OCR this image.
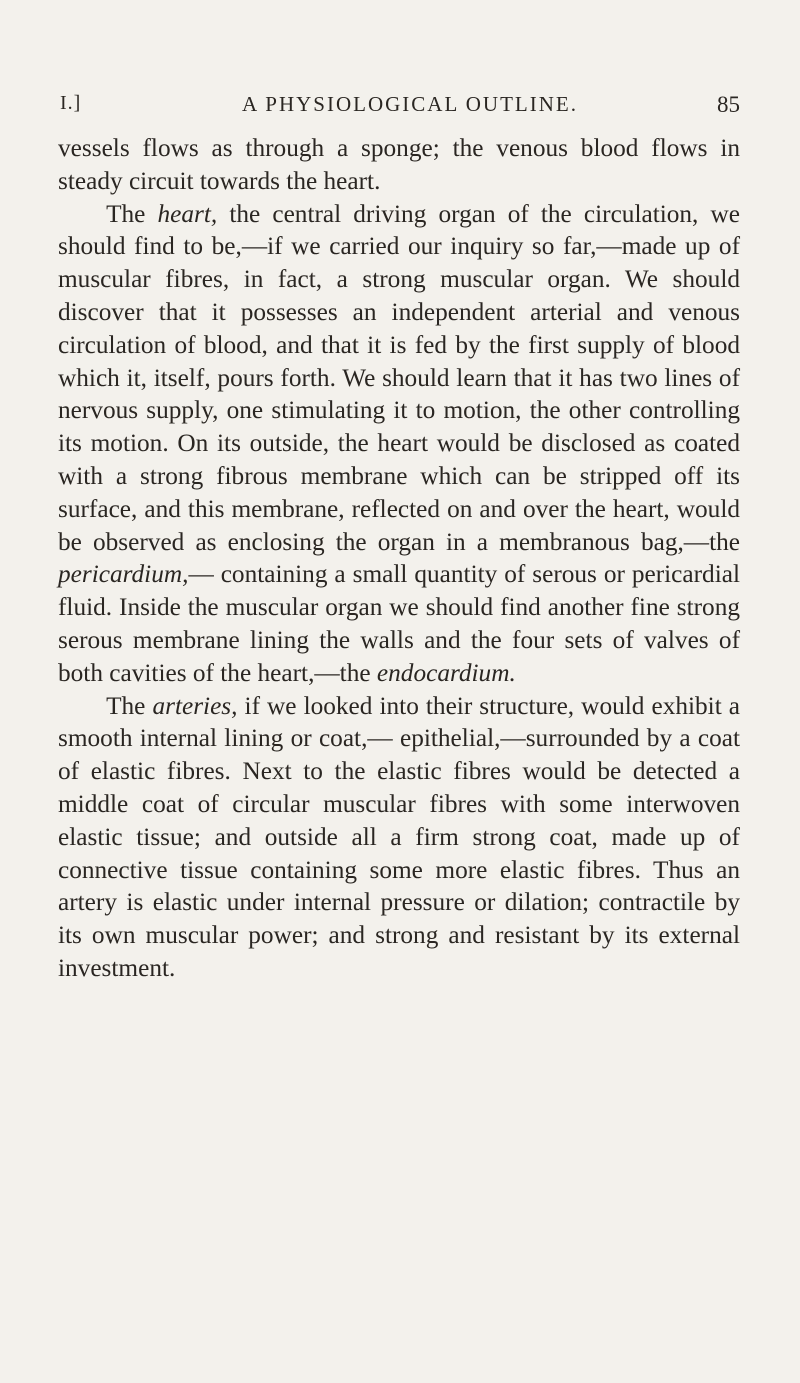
I.]	A PHYSIOLOGICAL OUTLINE.	85

vessels flows as through a sponge; the venous blood flows in steady circuit towards the heart.

The heart, the central driving organ of the circulation, we should find to be,—if we carried our inquiry so far,—made up of muscular fibres, in fact, a strong muscular organ. We should discover that it possesses an independent arterial and venous circulation of blood, and that it is fed by the first supply of blood which it, itself, pours forth. We should learn that it has two lines of nervous supply, one stimulating it to motion, the other controlling its motion. On its outside, the heart would be disclosed as coated with a strong fibrous membrane which can be stripped off its surface, and this membrane, reflected on and over the heart, would be observed as enclosing the organ in a membranous bag,—the pericardium,— containing a small quantity of serous or pericardial fluid. Inside the muscular organ we should find another fine strong serous membrane lining the walls and the four sets of valves of both cavities of the heart,—the endocardium.

The arteries, if we looked into their structure, would exhibit a smooth internal lining or coat,— epithelial,—surrounded by a coat of elastic fibres. Next to the elastic fibres would be detected a middle coat of circular muscular fibres with some interwoven elastic tissue; and outside all a firm strong coat, made up of connective tissue containing some more elastic fibres. Thus an artery is elastic under internal pressure or dilation; contractile by its own muscular power; and strong and resistant by its external investment.
